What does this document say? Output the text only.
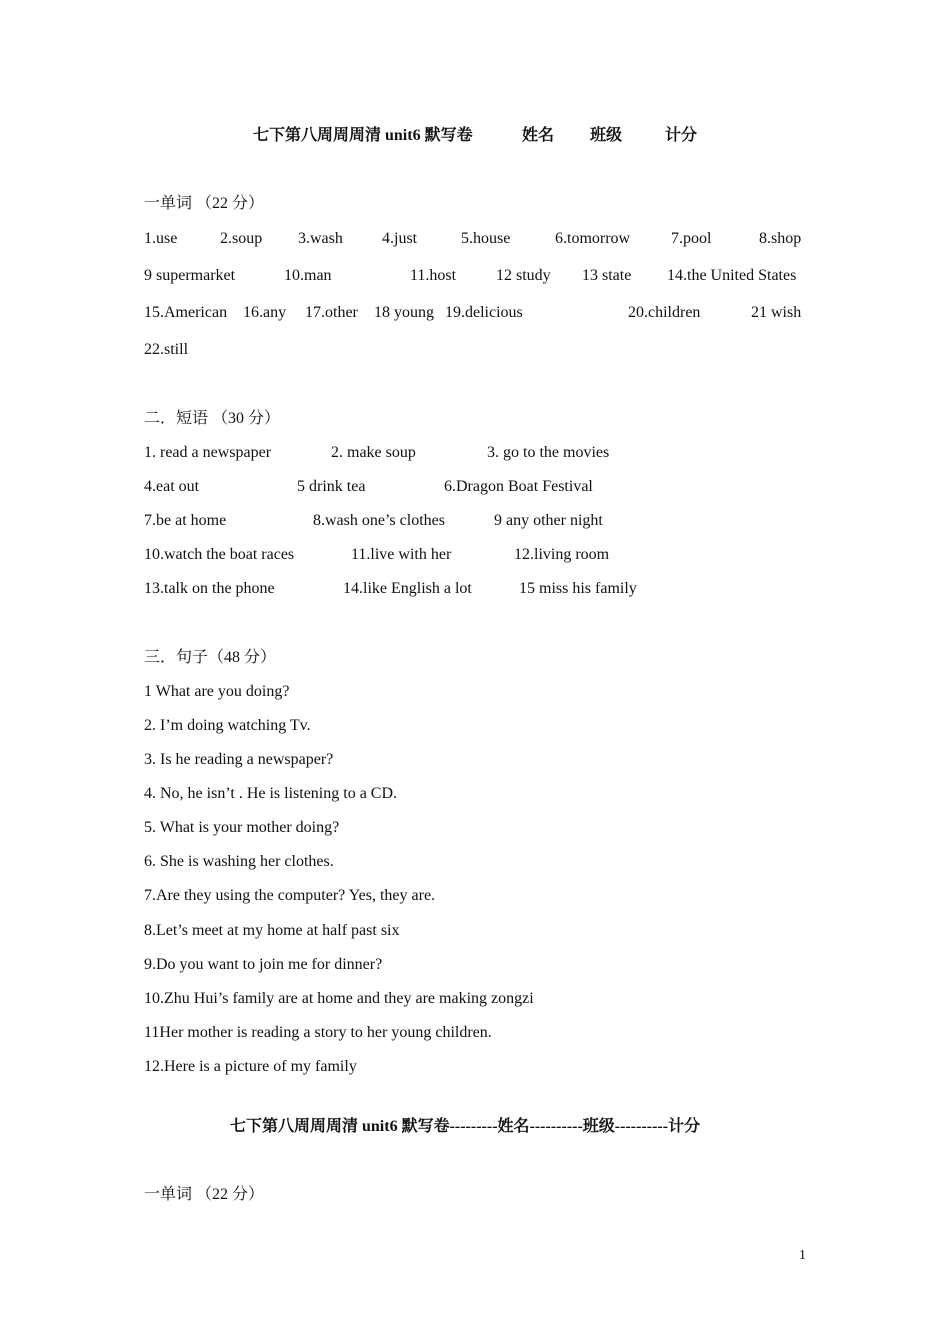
七下第八周周周清 unit6 默写卷	姓名 班级	计分
一单词 （22 分）
1.use	2.soup 3.wash 4.just	5.house	6.tomorrow	7.pool	8.shop
9 supermarket	10.man	11.host 12 study 13 state 14.the United States
15.American 16.any 17.other 18 young 19.delicious	20.children	21 wish
22.still
二．短语 （30 分）
1. read a newspaper	2. make soup	3. go to the movies
4.eat out	5 drink tea	6.Dragon Boat Festival
7.be at home	8.wash one’s clothes	9 any other night
10.watch the boat races	11.live with her	12.living room
13.talk on the phone	14.like English a lot	15 miss his family
三．句子（48 分）
1 What are you doing?
2. I’m doing watching Tv.
3. Is he reading a newspaper?
4. No, he isn’t . He is listening to a CD.
5. What is your mother doing?
6. She is washing her clothes.
7.Are they using the computer? Yes, they are.
8.Let’s meet at my home at half past six
9.Do you want to join me for dinner?
10.Zhu Hui’s family are at home and they are making zongzi
11Her mother is reading a story to her young children.
12.Here is a picture of my family
七下第八周周周清 unit6 默写卷---------姓名----------班级----------计分
一单词 （22 分）
1
